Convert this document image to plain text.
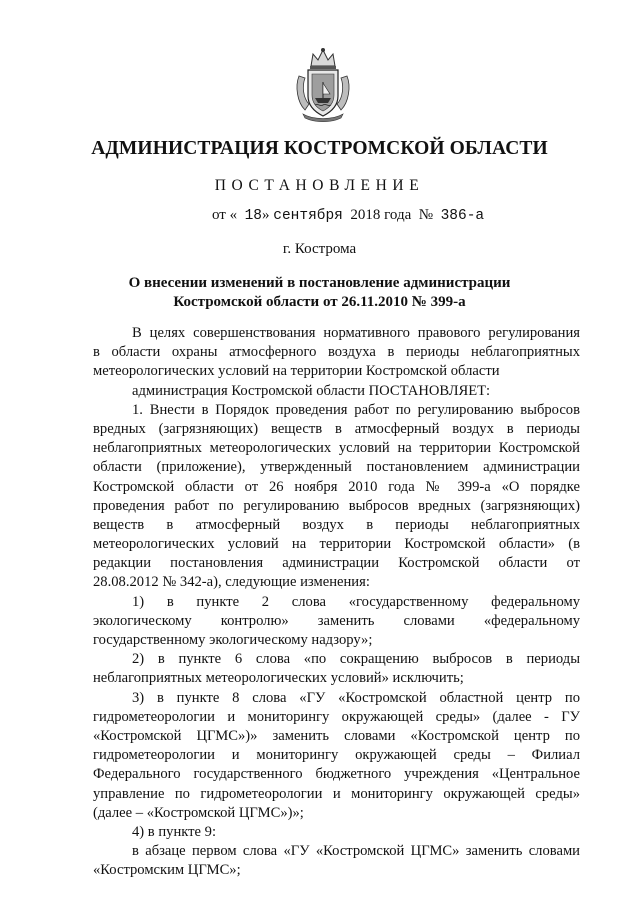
АДМИНИСТРАЦИЯ КОСТРОМСКОЙ ОБЛАСТИ
ПОСТАНОВЛЕНИЕ
от « 18» сентября 2018 года № 386-а
г. Кострома
О внесении изменений в постановление администрации
Костромской области от 26.11.2010 № 399-а
В целях совершенствования нормативного правового регулирования
в области охраны атмосферного воздуха в периоды неблагоприятных
метеорологических условий на территории Костромской области
администрация Костромской области ПОСТАНОВЛЯЕТ:
1. Внести в Порядок проведения работ по регулированию выбросов
вредных (загрязняющих) веществ в атмосферный воздух в периоды
неблагоприятных метеорологических условий на территории Костромской
области (приложение), утвержденный постановлением администрации
Костромской области от 26 ноября 2010 года № 399-а «О порядке
проведения работ по регулированию выбросов вредных (загрязняющих)
веществ в атмосферный воздух в периоды неблагоприятных
метеорологических условий на территории Костромской области» (в
редакции постановления администрации Костромской области от
28.08.2012 № 342-а), следующие изменения:
1) в пункте 2 слова «государственному федеральному
экологическому контролю» заменить словами «федеральному
государственному экологическому надзору»;
2) в пункте 6 слова «по сокращению выбросов в периоды
неблагоприятных метеорологических условий» исключить;
3) в пункте 8 слова «ГУ «Костромской областной центр по
гидрометеорологии и мониторингу окружающей среды» (далее - ГУ
«Костромской ЦГМС»)» заменить словами «Костромской центр по
гидрометеорологии и мониторингу окружающей среды – Филиал
Федерального государственного бюджетного учреждения «Центральное
управление по гидрометеорологии и мониторингу окружающей среды»
(далее – «Костромской ЦГМС»)»;
4) в пункте 9:
в абзаце первом слова «ГУ «Костромской ЦГМС» заменить словами
«Костромским ЦГМС»;
